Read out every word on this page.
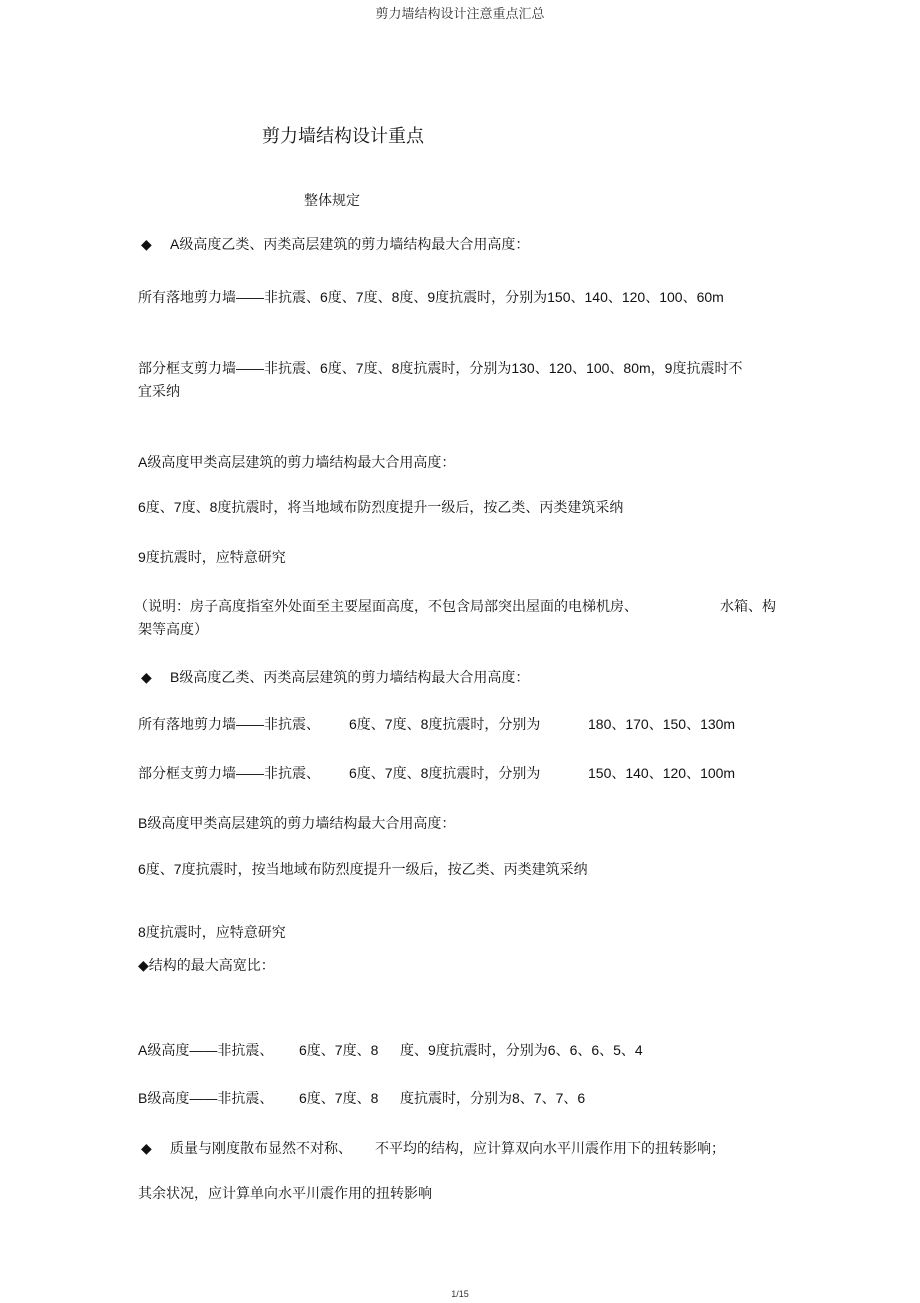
剪力墙结构设计注意重点汇总
剪力墙结构设计重点
整体规定
◆ A级高度乙类、丙类高层建筑的剪力墙结构最大合用高度：
所有落地剪力墙——非抗震、6度、7度、8度、9度抗震时，分别为150、140、120、100、60m
部分框支剪力墙——非抗震、6度、7度、8度抗震时，分别为130、120、100、80m，9度抗震时不
宜采纳
A级高度甲类高层建筑的剪力墙结构最大合用高度：
6度、7度、8度抗震时，将当地域布防烈度提升一级后，按乙类、丙类建筑采纳
9度抗震时，应特意研究
（说明：房子高度指室外处面至主要屋面高度，不包含局部突出屋面的电梯机房、	水箱、构
架等高度）
◆ B级高度乙类、丙类高层建筑的剪力墙结构最大合用高度：
所有落地剪力墙——非抗震、 6度、7度、8度抗震时，分别为	180、170、150、130m
部分框支剪力墙——非抗震、 6度、7度、8度抗震时，分别为	150、140、120、100m
B级高度甲类高层建筑的剪力墙结构最大合用高度：
6度、7度抗震时，按当地域布防烈度提升一级后，按乙类、丙类建筑采纳
8度抗震时，应特意研究
◆结构的最大高宽比：
A级高度——非抗震、 6度、7度、8 度、9度抗震时，分别为6、6、6、5、4
B级高度——非抗震、 6度、7度、8 度抗震时，分别为8、7、7、6
◆ 质量与刚度散布显然不对称、 不平均的结构，应计算双向水平川震作用下的扭转影响；
其余状况，应计算单向水平川震作用的扭转影响
1/15
